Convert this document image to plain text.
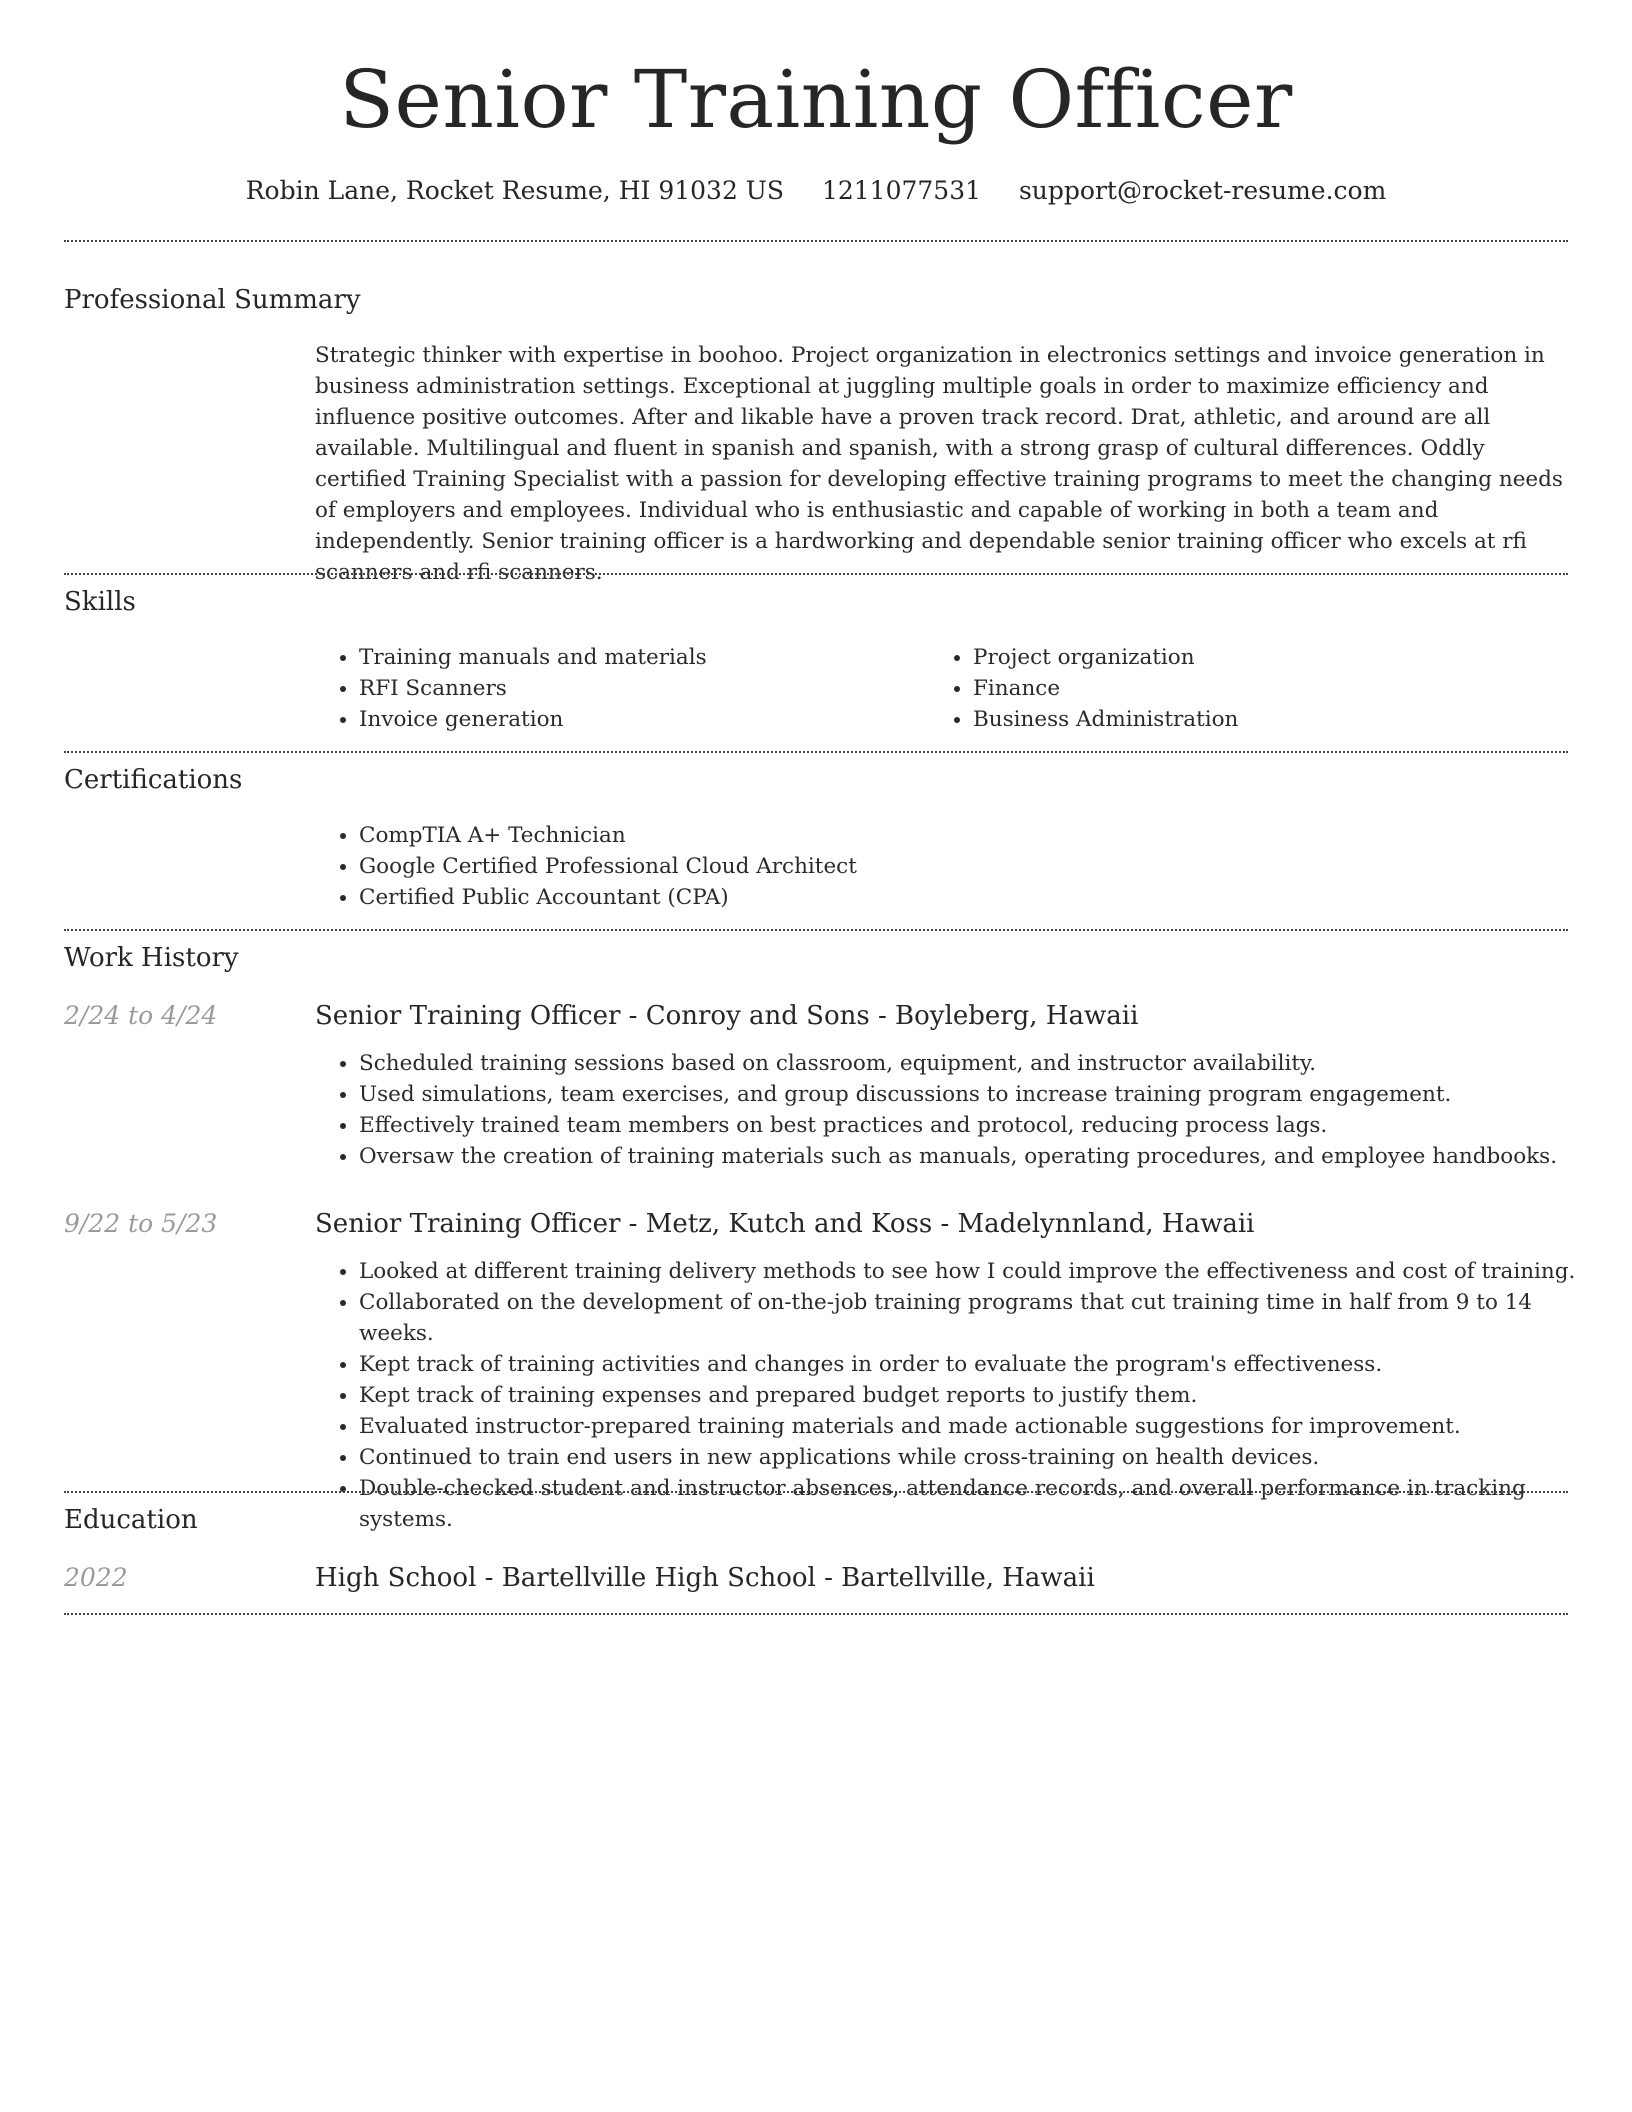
Senior Training Officer
Robin Lane, Rocket Resume, HI 91032 US 1211077531 support@rocket-resume.com
Professional Summary

Strategic thinker with expertise in boohoo. Project organization in electronics settings and invoice generation in business administration settings. Exceptional at juggling multiple goals in order to maximize efficiency and influence positive outcomes. After and likable have a proven track record. Drat, athletic, and around are all available. Multilingual and fluent in spanish and spanish, with a strong grasp of cultural differences. Oddly certified Training Specialist with a passion for developing effective training programs to meet the changing needs of employers and employees. Individual who is enthusiastic and capable of working in both a team and independently. Senior training officer is a hardworking and dependable senior training officer who excels at rfi scanners and rfi scanners.

Skills
• Training manuals and materials
• RFI Scanners
• Invoice generation
• Project organization
• Finance
• Business Administration
Certifications
• CompTIA A+ Technician
• Google Certified Professional Cloud Architect
• Certified Public Accountant (CPA)
Work History
2/24 to 4/24	Senior Training Officer - Conroy and Sons - Boyleberg, Hawaii
• Scheduled training sessions based on classroom, equipment, and instructor availability.
• Used simulations, team exercises, and group discussions to increase training program engagement.
• Effectively trained team members on best practices and protocol, reducing process lags.
• Oversaw the creation of training materials such as manuals, operating procedures, and employee handbooks.
9/22 to 5/23	Senior Training Officer - Metz, Kutch and Koss - Madelynnland, Hawaii
• Looked at different training delivery methods to see how I could improve the effectiveness and cost of training.
• Collaborated on the development of on-the-job training programs that cut training time in half from 9 to 14 weeks.
• Kept track of training activities and changes in order to evaluate the program's effectiveness.
• Kept track of training expenses and prepared budget reports to justify them.
• Evaluated instructor-prepared training materials and made actionable suggestions for improvement.
• Continued to train end users in new applications while cross-training on health devices.
• Double-checked student and instructor absences, attendance records, and overall performance in tracking systems.
Education
2022	High School - Bartellville High School - Bartellville, Hawaii
